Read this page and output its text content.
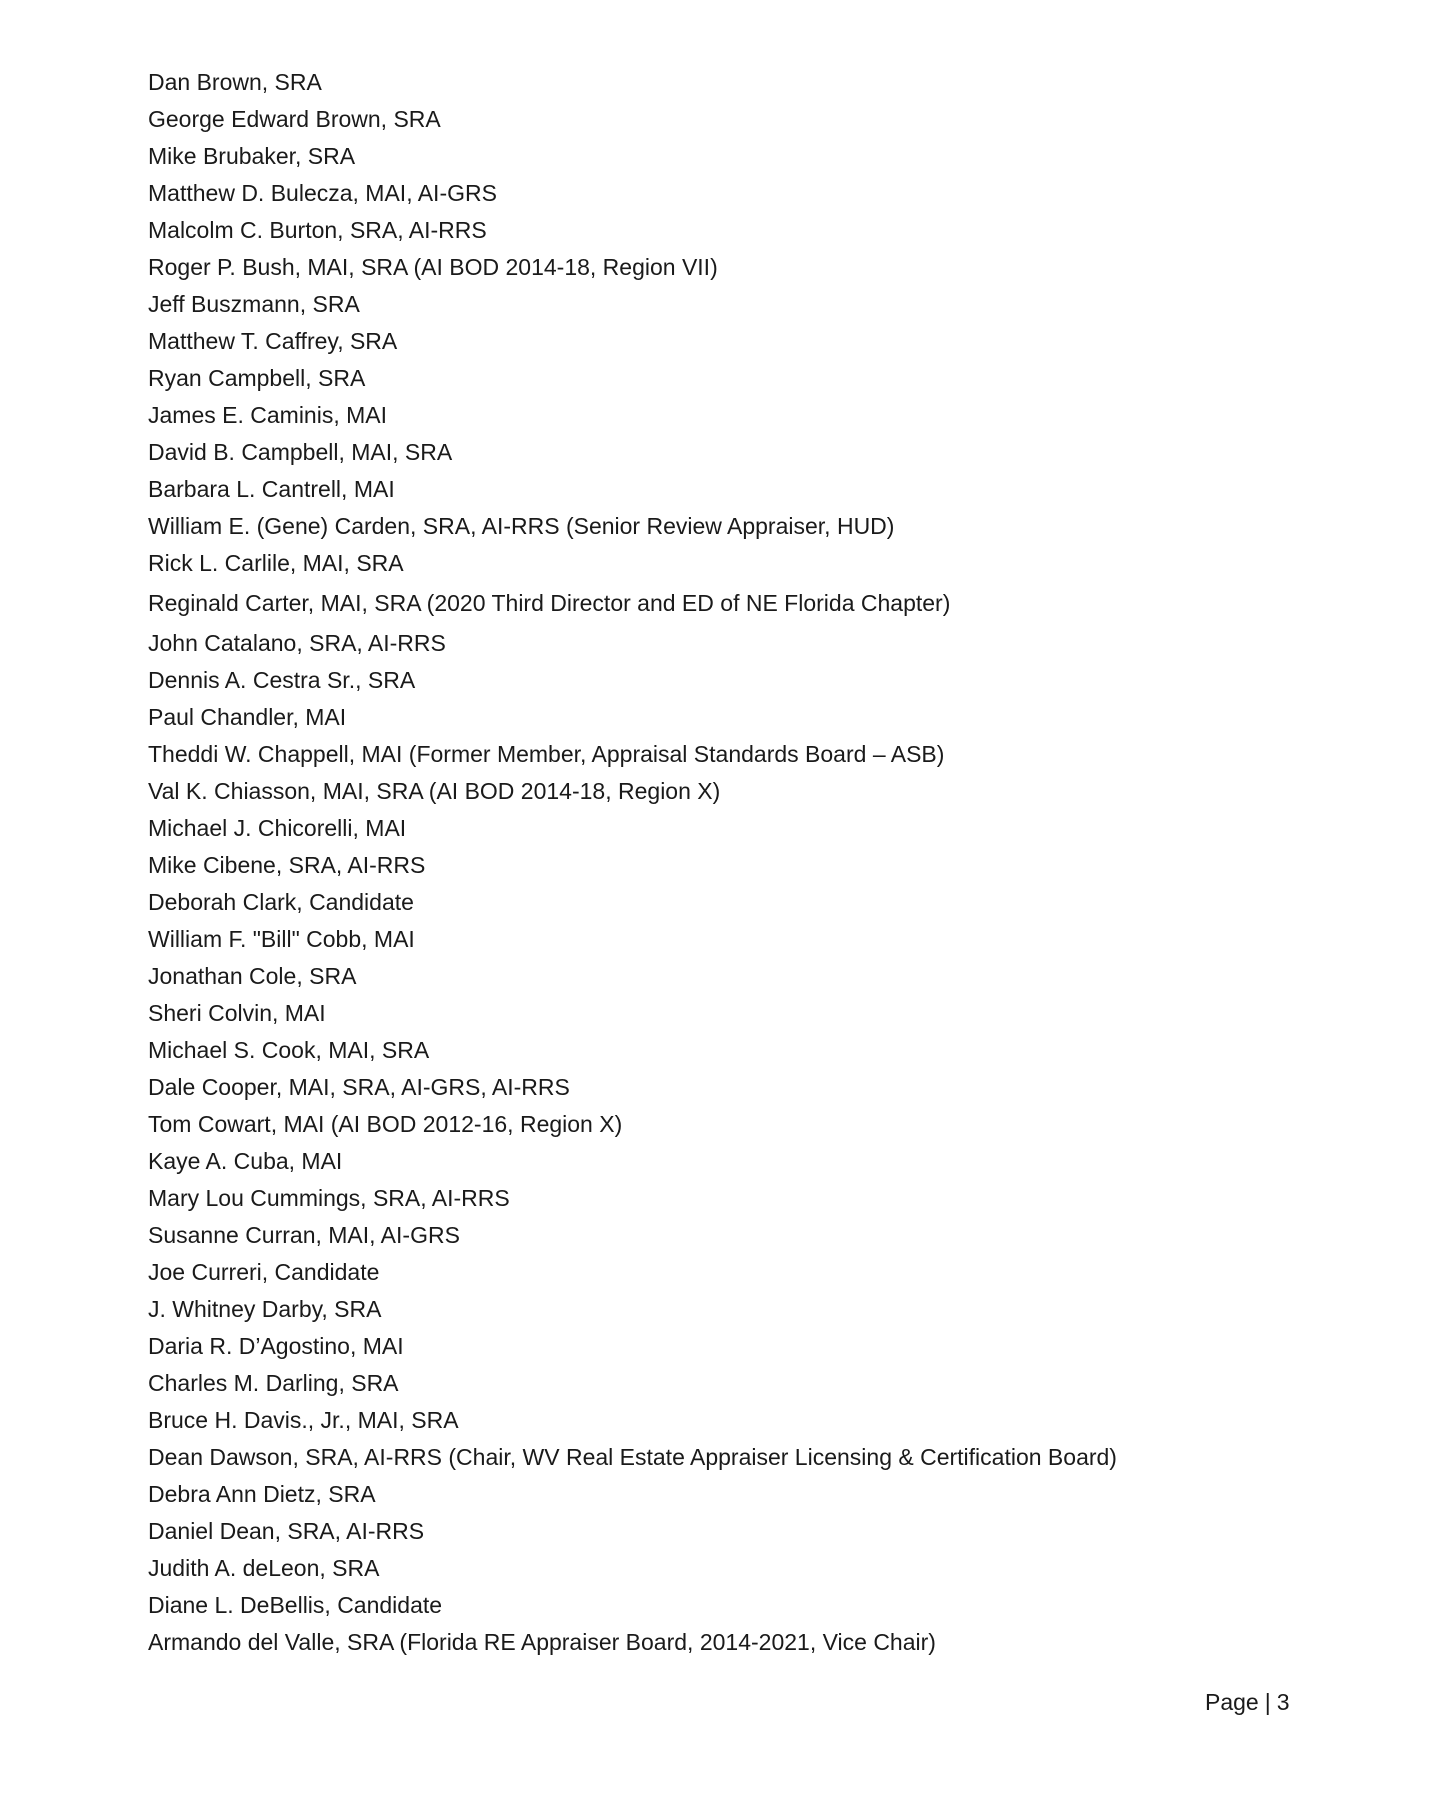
Dan Brown, SRA
George Edward Brown, SRA
Mike Brubaker, SRA
Matthew D. Bulecza, MAI, AI-GRS
Malcolm C. Burton, SRA, AI-RRS
Roger P. Bush, MAI, SRA (AI BOD 2014-18, Region VII)
Jeff Buszmann, SRA
Matthew T. Caffrey, SRA
Ryan Campbell, SRA
James E. Caminis, MAI
David B. Campbell, MAI, SRA
Barbara L. Cantrell, MAI
William E. (Gene) Carden, SRA, AI-RRS (Senior Review Appraiser, HUD)
Rick L. Carlile, MAI, SRA
Reginald Carter, MAI, SRA (2020 Third Director and ED of NE Florida Chapter)
John Catalano, SRA, AI-RRS
Dennis A. Cestra Sr., SRA
Paul Chandler, MAI
Theddi W. Chappell, MAI (Former Member, Appraisal Standards Board – ASB)
Val K. Chiasson, MAI, SRA (AI BOD 2014-18, Region X)
Michael J. Chicorelli, MAI
Mike Cibene, SRA, AI-RRS
Deborah Clark, Candidate
William F. "Bill" Cobb, MAI
Jonathan Cole, SRA
Sheri Colvin, MAI
Michael S. Cook, MAI, SRA
Dale Cooper, MAI, SRA, AI-GRS, AI-RRS
Tom Cowart, MAI (AI BOD 2012-16, Region X)
Kaye A. Cuba, MAI
Mary Lou Cummings, SRA, AI-RRS
Susanne Curran, MAI, AI-GRS
Joe Curreri, Candidate
J. Whitney Darby, SRA
Daria R. D’Agostino, MAI
Charles M. Darling, SRA
Bruce H. Davis., Jr., MAI, SRA
Dean Dawson, SRA, AI-RRS (Chair, WV Real Estate Appraiser Licensing & Certification Board)
Debra Ann Dietz, SRA
Daniel Dean, SRA, AI-RRS
Judith A. deLeon, SRA
Diane L. DeBellis, Candidate
Armando del Valle, SRA (Florida RE Appraiser Board, 2014-2021, Vice Chair)
Page | 3
